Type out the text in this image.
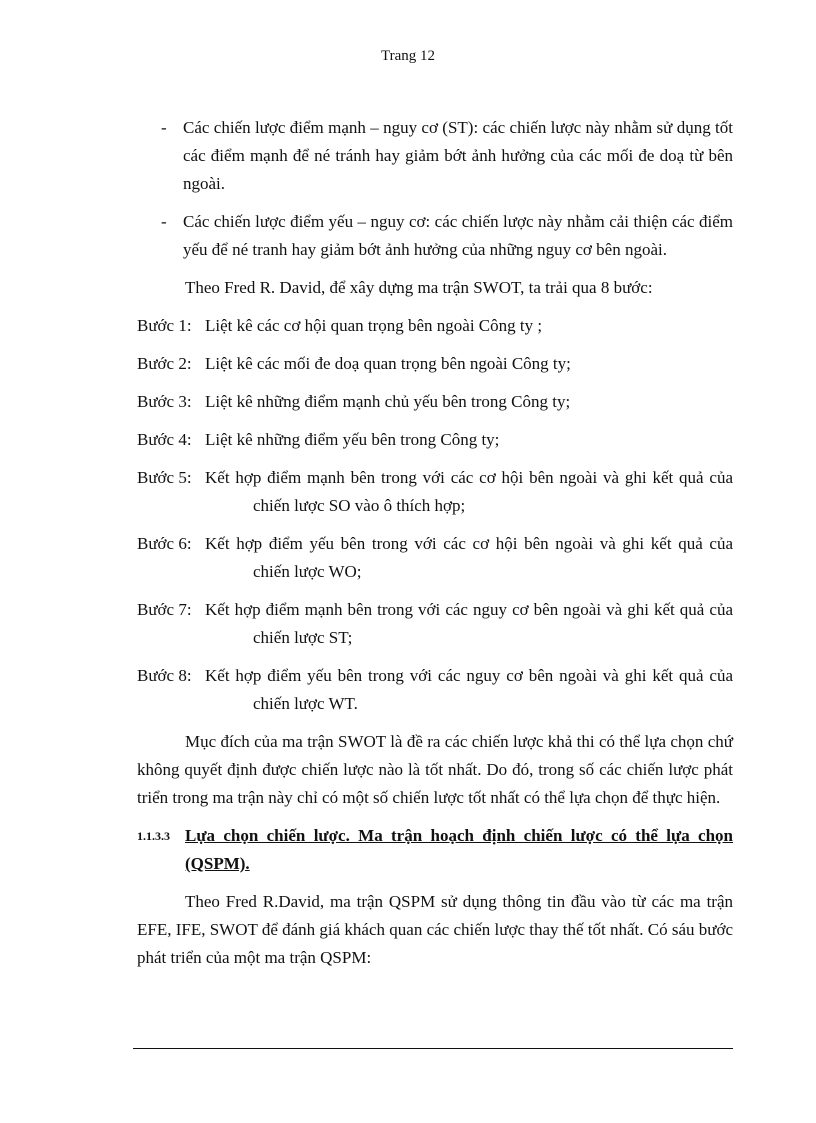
Trang 12
- Các chiến lược điểm mạnh – nguy cơ (ST): các chiến lược này nhằm sử dụng tốt các điểm mạnh để né tránh hay giảm bớt ảnh hưởng của các mối đe doạ từ bên ngoài.
- Các chiến lược điểm yếu – nguy cơ: các chiến lược này nhằm cải thiện các điểm yếu để né tranh hay giảm bớt ảnh hưởng của những nguy cơ bên ngoài.

Theo Fred R. David, để xây dựng ma trận SWOT, ta trải qua 8 bước:

Bước 1: Liệt kê các cơ hội quan trọng bên ngoài Công ty ;
Bước 2: Liệt kê các mối đe doạ quan trọng bên ngoài Công ty;
Bước 3: Liệt kê những điểm mạnh chủ yếu bên trong Công ty;
Bước 4: Liệt kê những điểm yếu bên trong Công ty;
Bước 5: Kết hợp điểm mạnh bên trong với các cơ hội bên ngoài và ghi kết quả của chiến lược SO vào ô thích hợp;
Bước 6: Kết hợp điểm yếu bên trong với các cơ hội bên ngoài và ghi kết quả của chiến lược WO;
Bước 7: Kết hợp điểm mạnh bên trong với các nguy cơ bên ngoài và ghi kết quả của chiến lược ST;
Bước 8: Kết hợp điểm yếu bên trong với các nguy cơ bên ngoài và ghi kết quả của chiến lược WT.

Mục đích của ma trận SWOT là đề ra các chiến lược khả thi có thể lựa chọn chứ không quyết định được chiến lược nào là tốt nhất. Do đó, trong số các chiến lược phát triển trong ma trận này chỉ có một số chiến lược tốt nhất có thể lựa chọn để thực hiện.

1.1.3.3 Lựa chọn chiến lược. Ma trận hoạch định chiến lược có thể lựa chọn (QSPM).

Theo Fred R.David, ma trận QSPM sử dụng thông tin đầu vào từ các ma trận EFE, IFE, SWOT để đánh giá khách quan các chiến lược thay thế tốt nhất. Có sáu bước phát triển của một ma trận QSPM:
